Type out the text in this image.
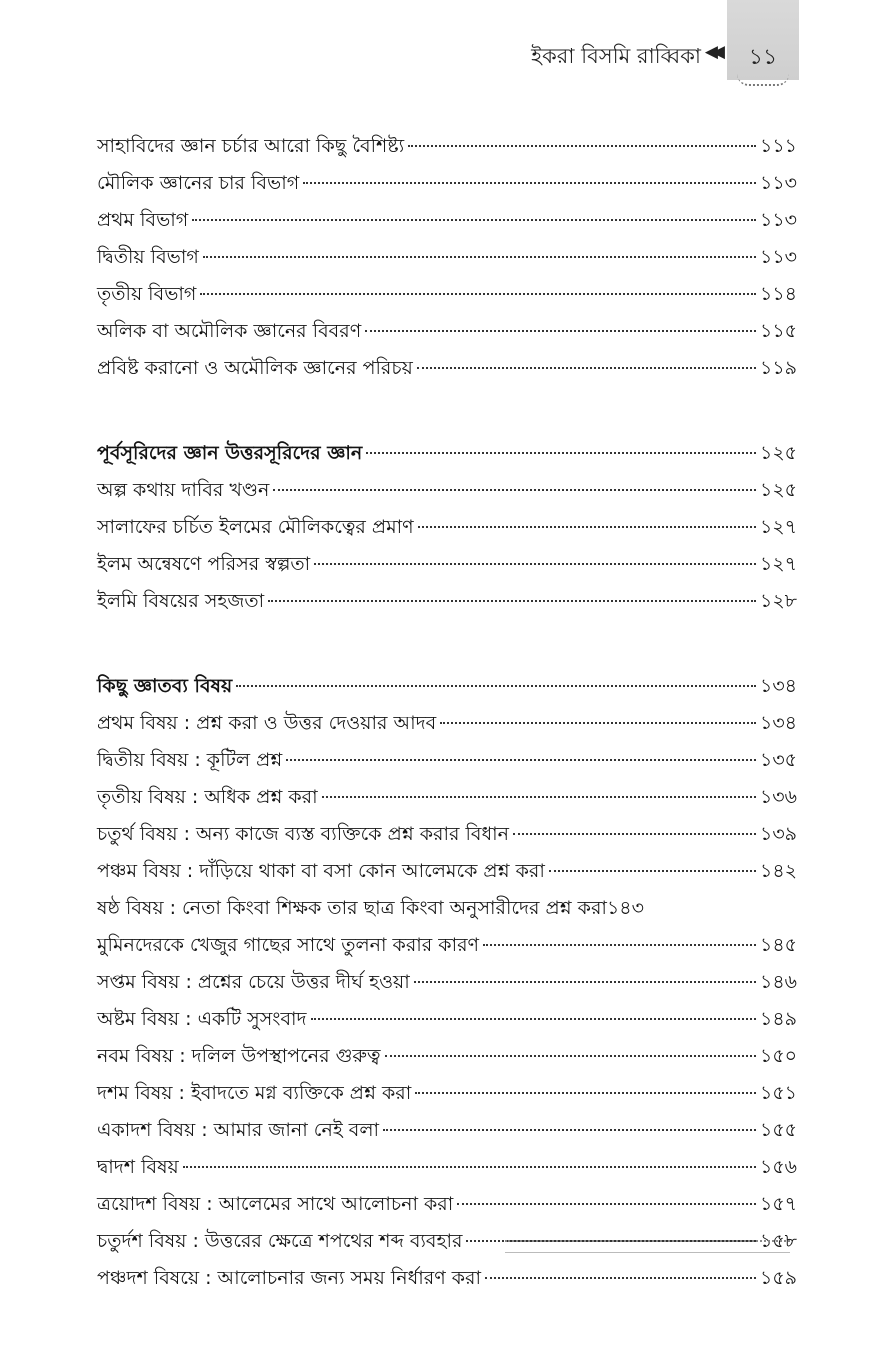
ইকরা বিসমি রাব্বিকা ◀◀	১১
সাহাবিদের জ্ঞান চর্চার আরো কিছু বৈশিষ্ট্য	১১১
মৌলিক জ্ঞানের চার বিভাগ	১১৩
প্রথম বিভাগ	১১৩
দ্বিতীয় বিভাগ	১১৩
তৃতীয় বিভাগ	১১৪
অলিক বা অমৌলিক জ্ঞানের বিবরণ	১১৫
প্রবিষ্ট করানো ও অমৌলিক জ্ঞানের পরিচয়	১১৯
পূর্বসূরিদের জ্ঞান উত্তরসূরিদের জ্ঞান	১২৫
অল্প কথায় দাবির খণ্ডন	১২৫
সালাফের চর্চিত ইলমের মৌলিকত্বের প্রমাণ	১২৭
ইলম অন্বেষণে পরিসর স্বল্পতা	১২৭
ইলমি বিষয়ের সহজতা	১২৮
কিছু জ্ঞাতব্য বিষয়	১৩৪
প্রথম বিষয় : প্রশ্ন করা ও উত্তর দেওয়ার আদব	১৩৪
দ্বিতীয় বিষয় : কূটিল প্রশ্ন	১৩৫
তৃতীয় বিষয় : অধিক প্রশ্ন করা	১৩৬
চতুর্থ বিষয় : অন্য কাজে ব্যস্ত ব্যক্তিকে প্রশ্ন করার বিধান	১৩৯
পঞ্চম বিষয় : দাঁড়িয়ে থাকা বা বসা কোন আলেমকে প্রশ্ন করা	১৪২
ষষ্ঠ বিষয় : নেতা কিংবা শিক্ষক তার ছাত্র কিংবা অনুসারীদের প্রশ্ন করা ১৪৩
মুমিনদেরকে খেজুর গাছের সাথে তুলনা করার কারণ	১৪৫
সপ্তম বিষয় : প্রশ্নের চেয়ে উত্তর দীর্ঘ হওয়া	১৪৬
অষ্টম বিষয় : একটি সুসংবাদ	১৪৯
নবম বিষয় : দলিল উপস্থাপনের গুরুত্ব	১৫০
দশম বিষয় : ইবাদতে মগ্ন ব্যক্তিকে প্রশ্ন করা	১৫১
একাদশ বিষয় : আমার জানা নেই বলা	১৫৫
দ্বাদশ বিষয়	১৫৬
ত্রয়োদশ বিষয় : আলেমের সাথে আলোচনা করা	১৫৭
চতুর্দশ বিষয় : উত্তরের ক্ষেত্রে শপথের শব্দ ব্যবহার	১৫৮
পঞ্চদশ বিষয়ে : আলোচনার জন্য সময় নির্ধারণ করা	১৫৯
